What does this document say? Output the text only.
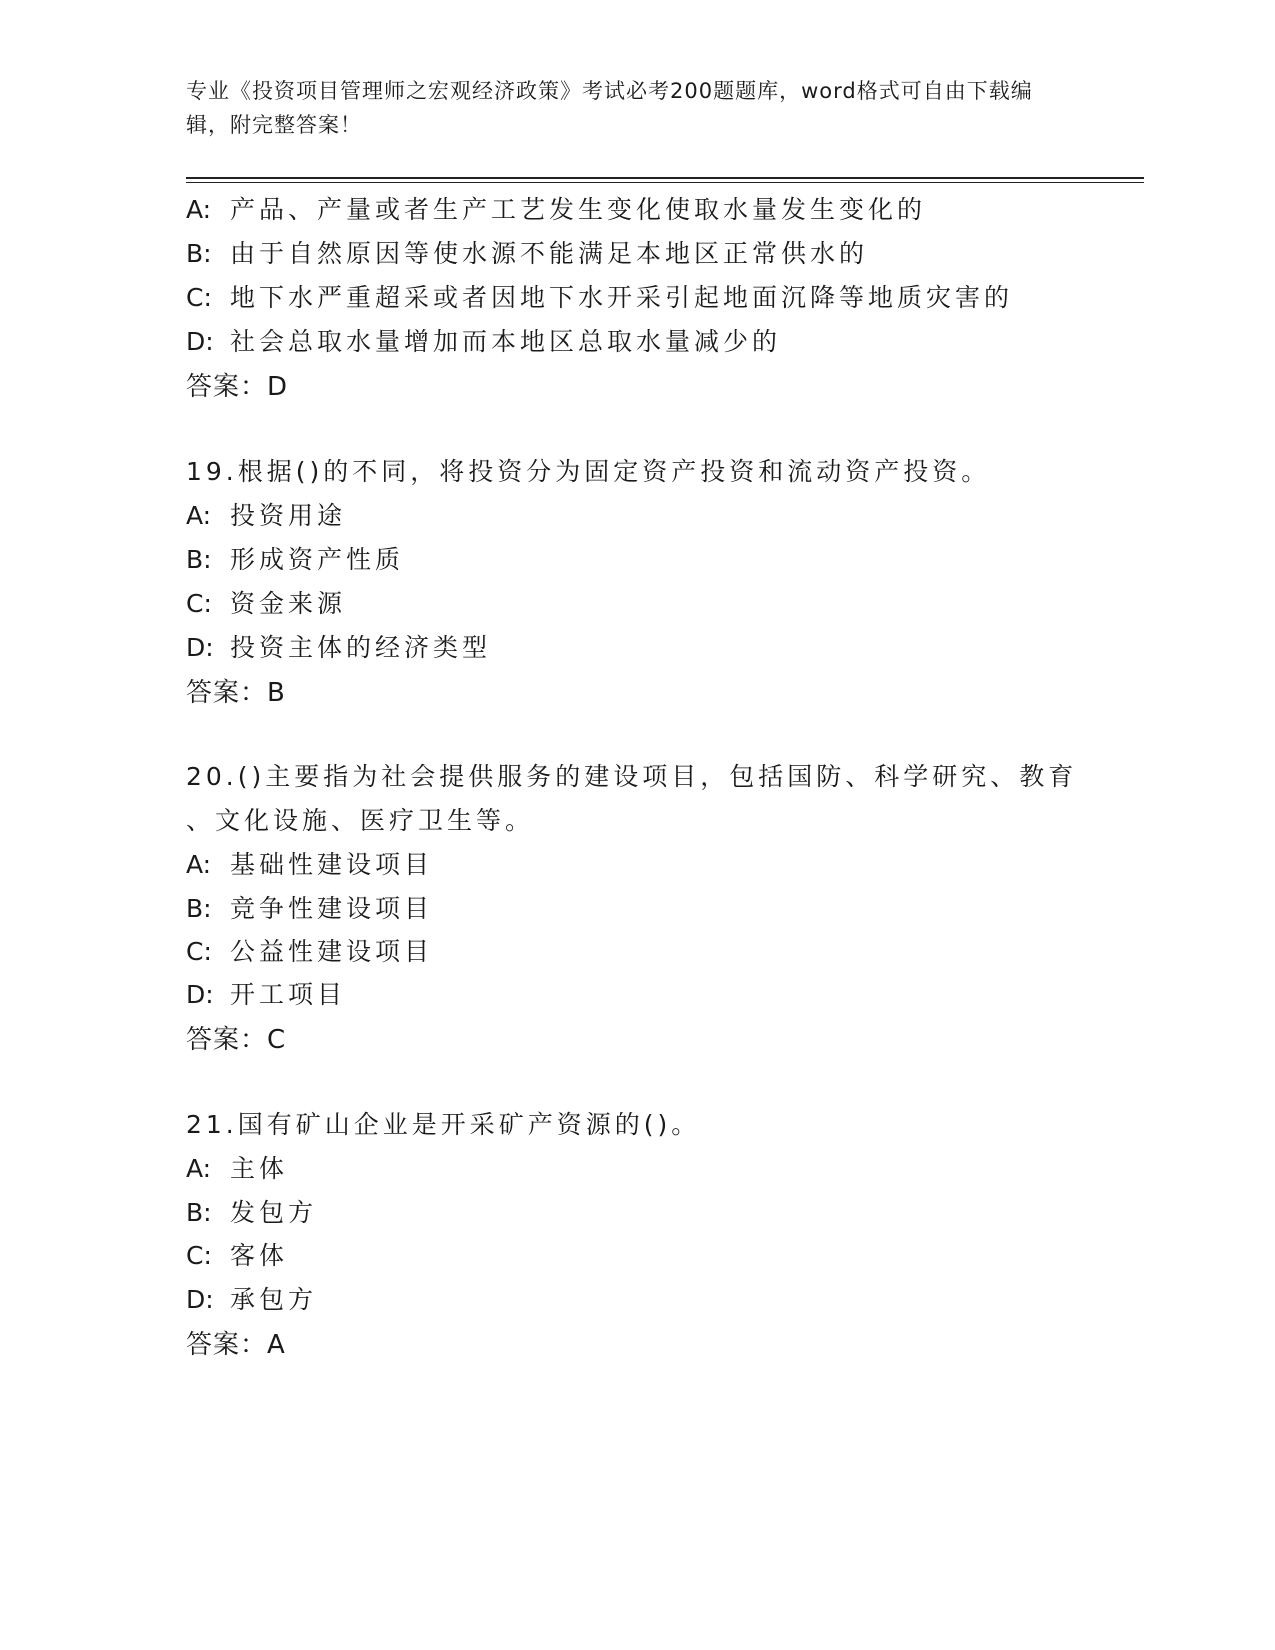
专业《投资项目管理师之宏观经济政策》考试必考200题题库，word格式可自由下载编辑，附完整答案！
A: 产品、产量或者生产工艺发生变化使取水量发生变化的
B: 由于自然原因等使水源不能满足本地区正常供水的
C: 地下水严重超采或者因地下水开采引起地面沉降等地质灾害的
D: 社会总取水量增加而本地区总取水量减少的
答案：D
19.根据()的不同，将投资分为固定资产投资和流动资产投资。
A: 投资用途
B: 形成资产性质
C: 资金来源
D: 投资主体的经济类型
答案：B
20.()主要指为社会提供服务的建设项目，包括国防、科学研究、教育
、文化设施、医疗卫生等。
A: 基础性建设项目
B: 竞争性建设项目
C: 公益性建设项目
D: 开工项目
答案：C
21.国有矿山企业是开采矿产资源的()。
A: 主体
B: 发包方
C: 客体
D: 承包方
答案：A
